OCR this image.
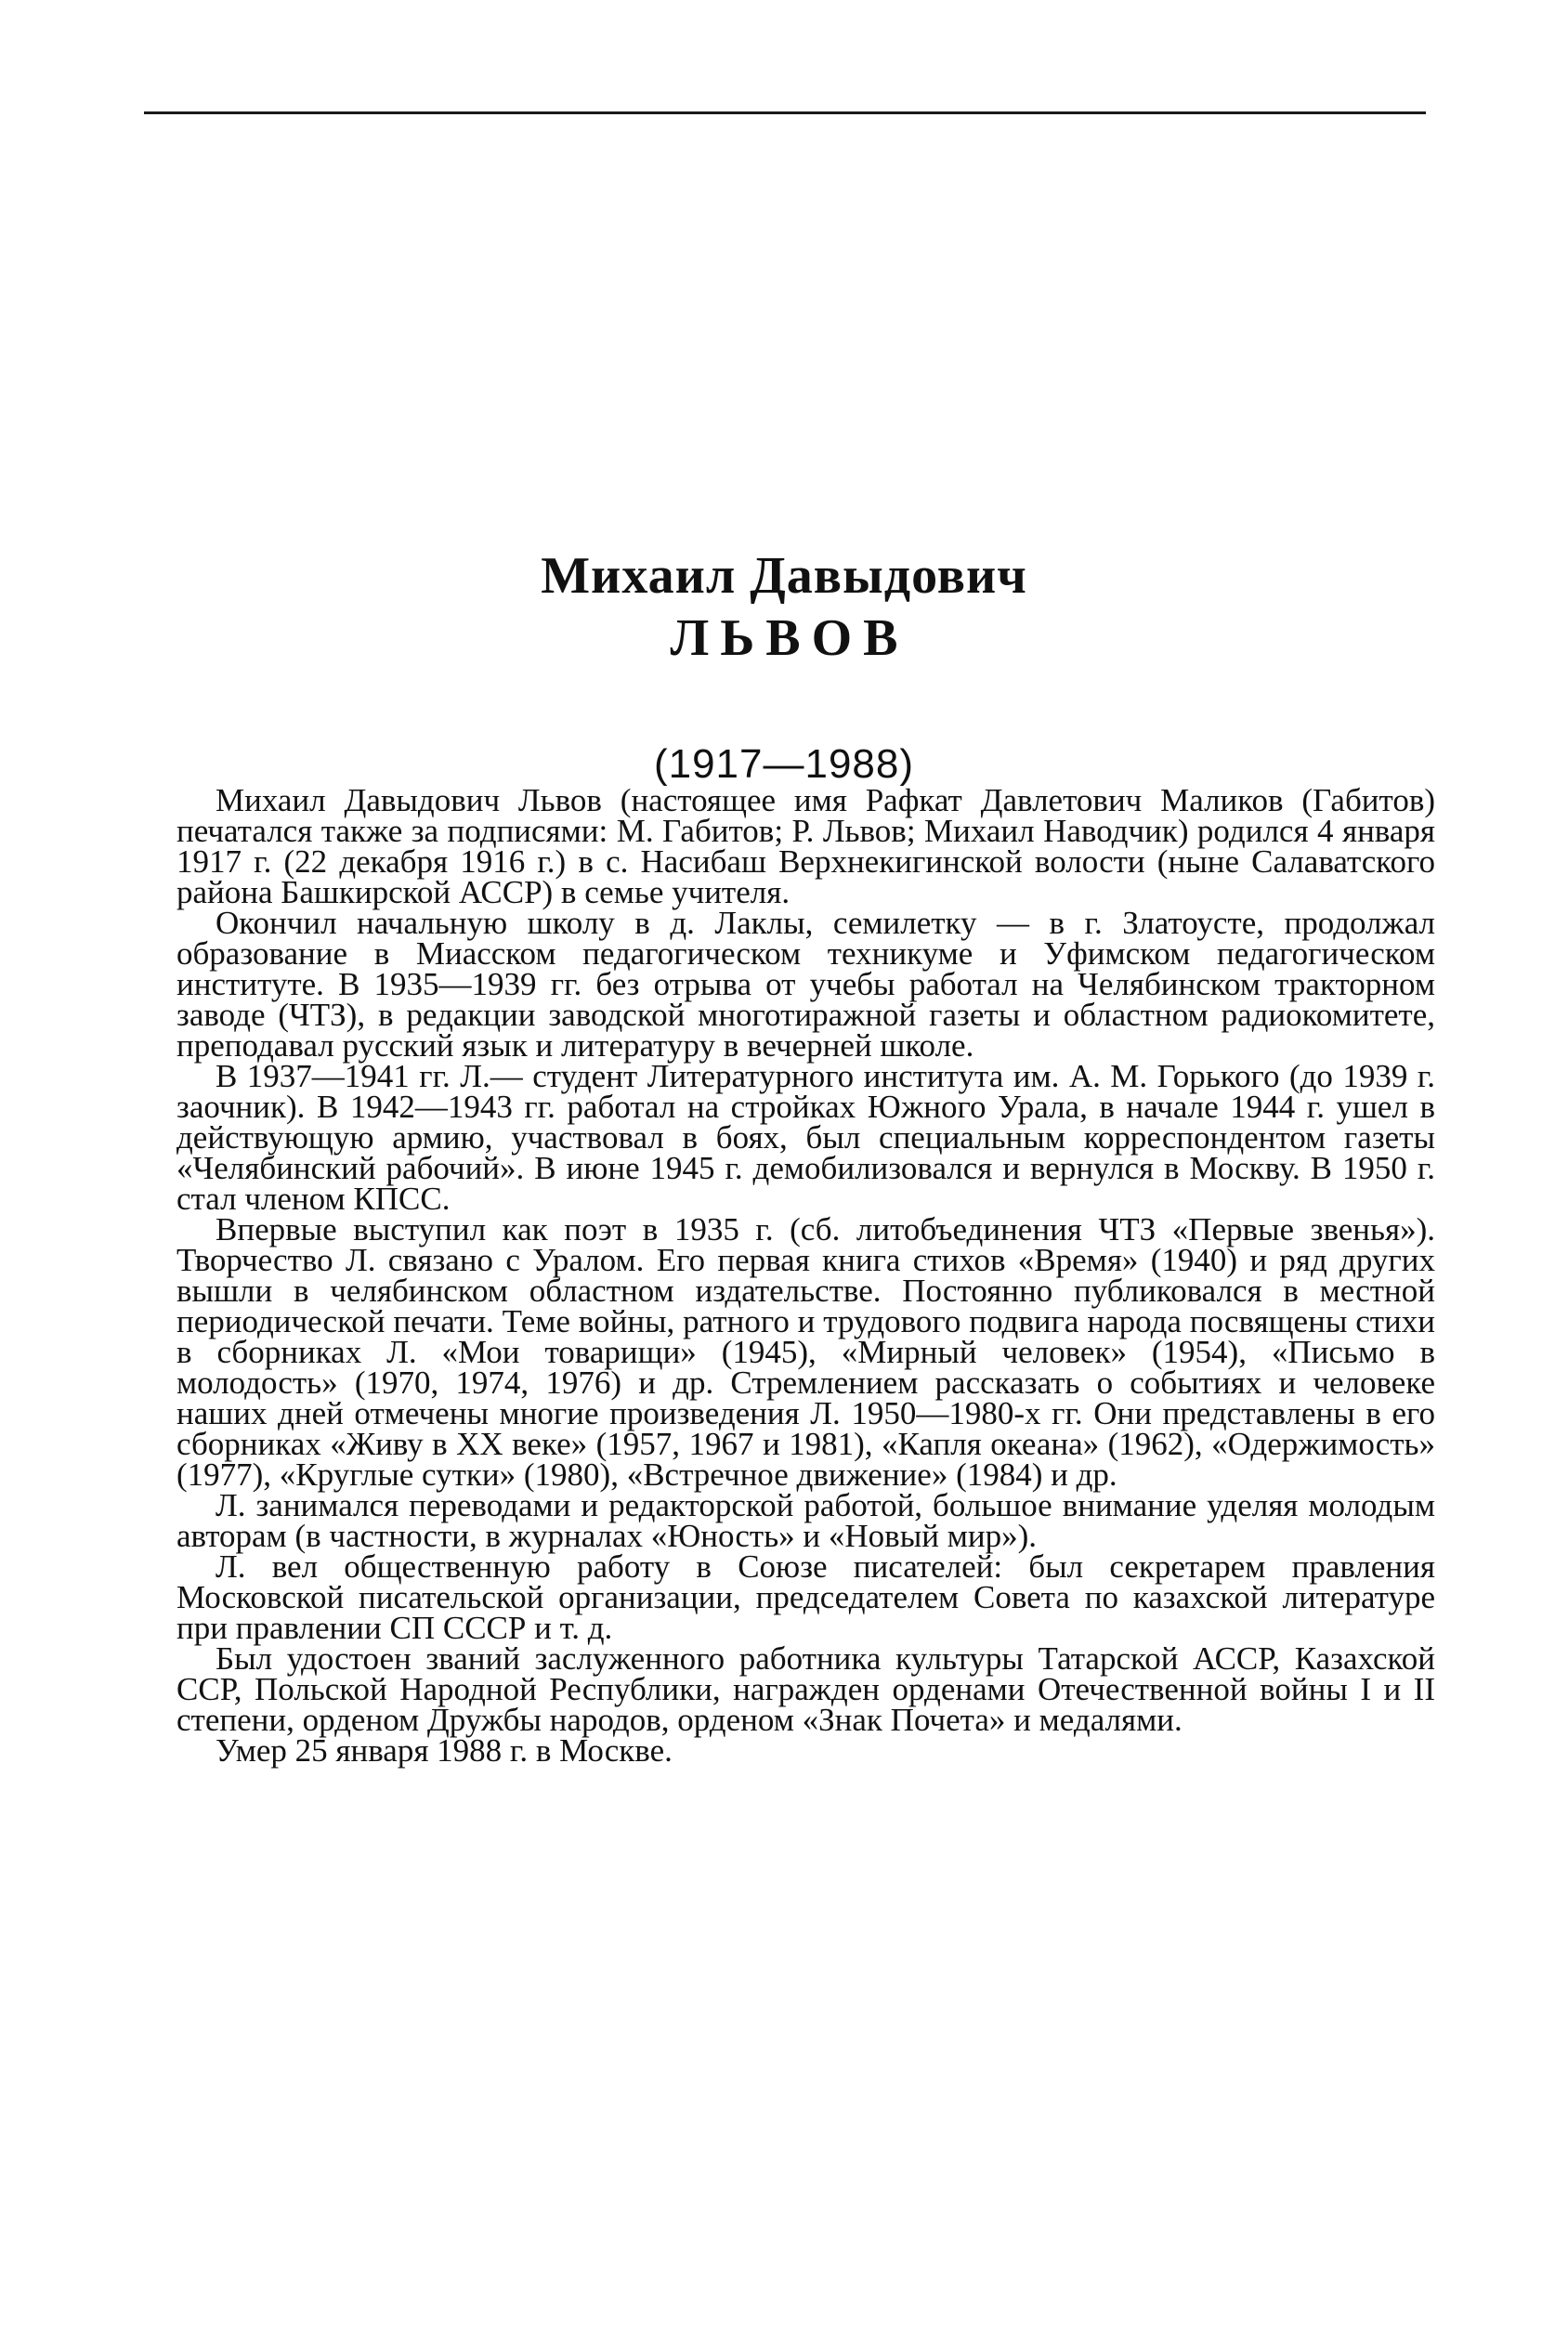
Михаил Давыдович
ЛЬВОВ
(1917—1988)

Михаил Давыдович Львов (настоящее имя Рафкат Давлетович Маликов (Габитов) печатался также за подписями: М. Габитов; Р. Львов; Михаил Наводчик) родился 4 января 1917 г. (22 декабря 1916 г.) в с. Насибаш Верхнекигинской волости (ныне Салаватского района Башкирской АССР) в семье учителя.

Окончил начальную школу в д. Лаклы, семилетку — в г. Златоусте, продолжал образование в Миасском педагогическом техникуме и Уфимском педагогическом институте. В 1935—1939 гг. без отрыва от учебы работал на Челябинском тракторном заводе (ЧТЗ), в редакции заводской многотиражной газеты и областном радиокомитете, преподавал русский язык и литературу в вечерней школе.

В 1937—1941 гг. Л.— студент Литературного института им. А. М. Горького (до 1939 г. заочник). В 1942—1943 гг. работал на стройках Южного Урала, в начале 1944 г. ушел в действующую армию, участвовал в боях, был специальным корреспондентом газеты «Челябинский рабочий». В июне 1945 г. демобилизовался и вернулся в Москву. В 1950 г. стал членом КПСС.

Впервые выступил как поэт в 1935 г. (сб. литобъединения ЧТЗ «Первые звенья»). Творчество Л. связано с Уралом. Его первая книга стихов «Время» (1940) и ряд других вышли в челябинском областном издательстве. Постоянно публиковался в местной периодической печати. Теме войны, ратного и трудового подвига народа посвящены стихи в сборниках Л. «Мои товарищи» (1945), «Мирный человек» (1954), «Письмо в молодость» (1970, 1974, 1976) и др. Стремлением рассказать о событиях и человеке наших дней отмечены многие произведения Л. 1950—1980-х гг. Они представлены в его сборниках «Живу в XX веке» (1957, 1967 и 1981), «Капля океана» (1962), «Одержимость» (1977), «Круглые сутки» (1980), «Встречное движение» (1984) и др.

Л. занимался переводами и редакторской работой, большое внимание уделяя молодым авторам (в частности, в журналах «Юность» и «Новый мир»).

Л. вел общественную работу в Союзе писателей: был секретарем правления Московской писательской организации, председателем Совета по казахской литературе при правлении СП СССР и т. д.

Был удостоен званий заслуженного работника культуры Татарской АССР, Казахской ССР, Польской Народной Республики, награжден орденами Отечественной войны I и II степени, орденом Дружбы народов, орденом «Знак Почета» и медалями.

Умер 25 января 1988 г. в Москве.
